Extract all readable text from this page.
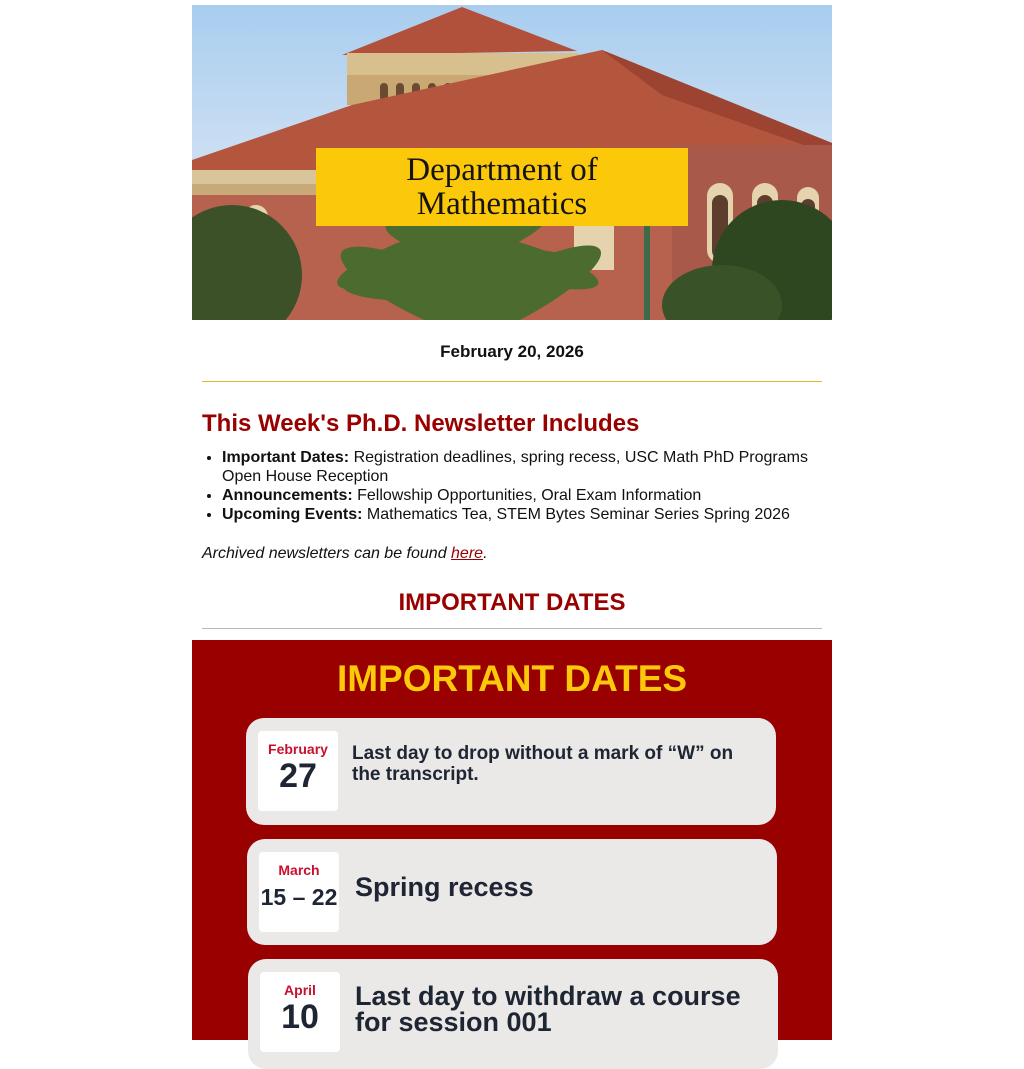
Department of
Mathematics
February 20, 2026
This Week's Ph.D. Newsletter Includes
• Important Dates: Registration deadlines, spring recess, USC Math PhD Programs Open House Reception
• Announcements: Fellowship Opportunities, Oral Exam Information
• Upcoming Events: Mathematics Tea, STEM Bytes Seminar Series Spring 2026
Archived newsletters can be found here.
IMPORTANT DATES
IMPORTANT DATES
February
27
Last day to drop without a mark of “W” on the transcript.
March
15 – 22 Spring recess
April
10
Last day to withdraw a course for session 001
